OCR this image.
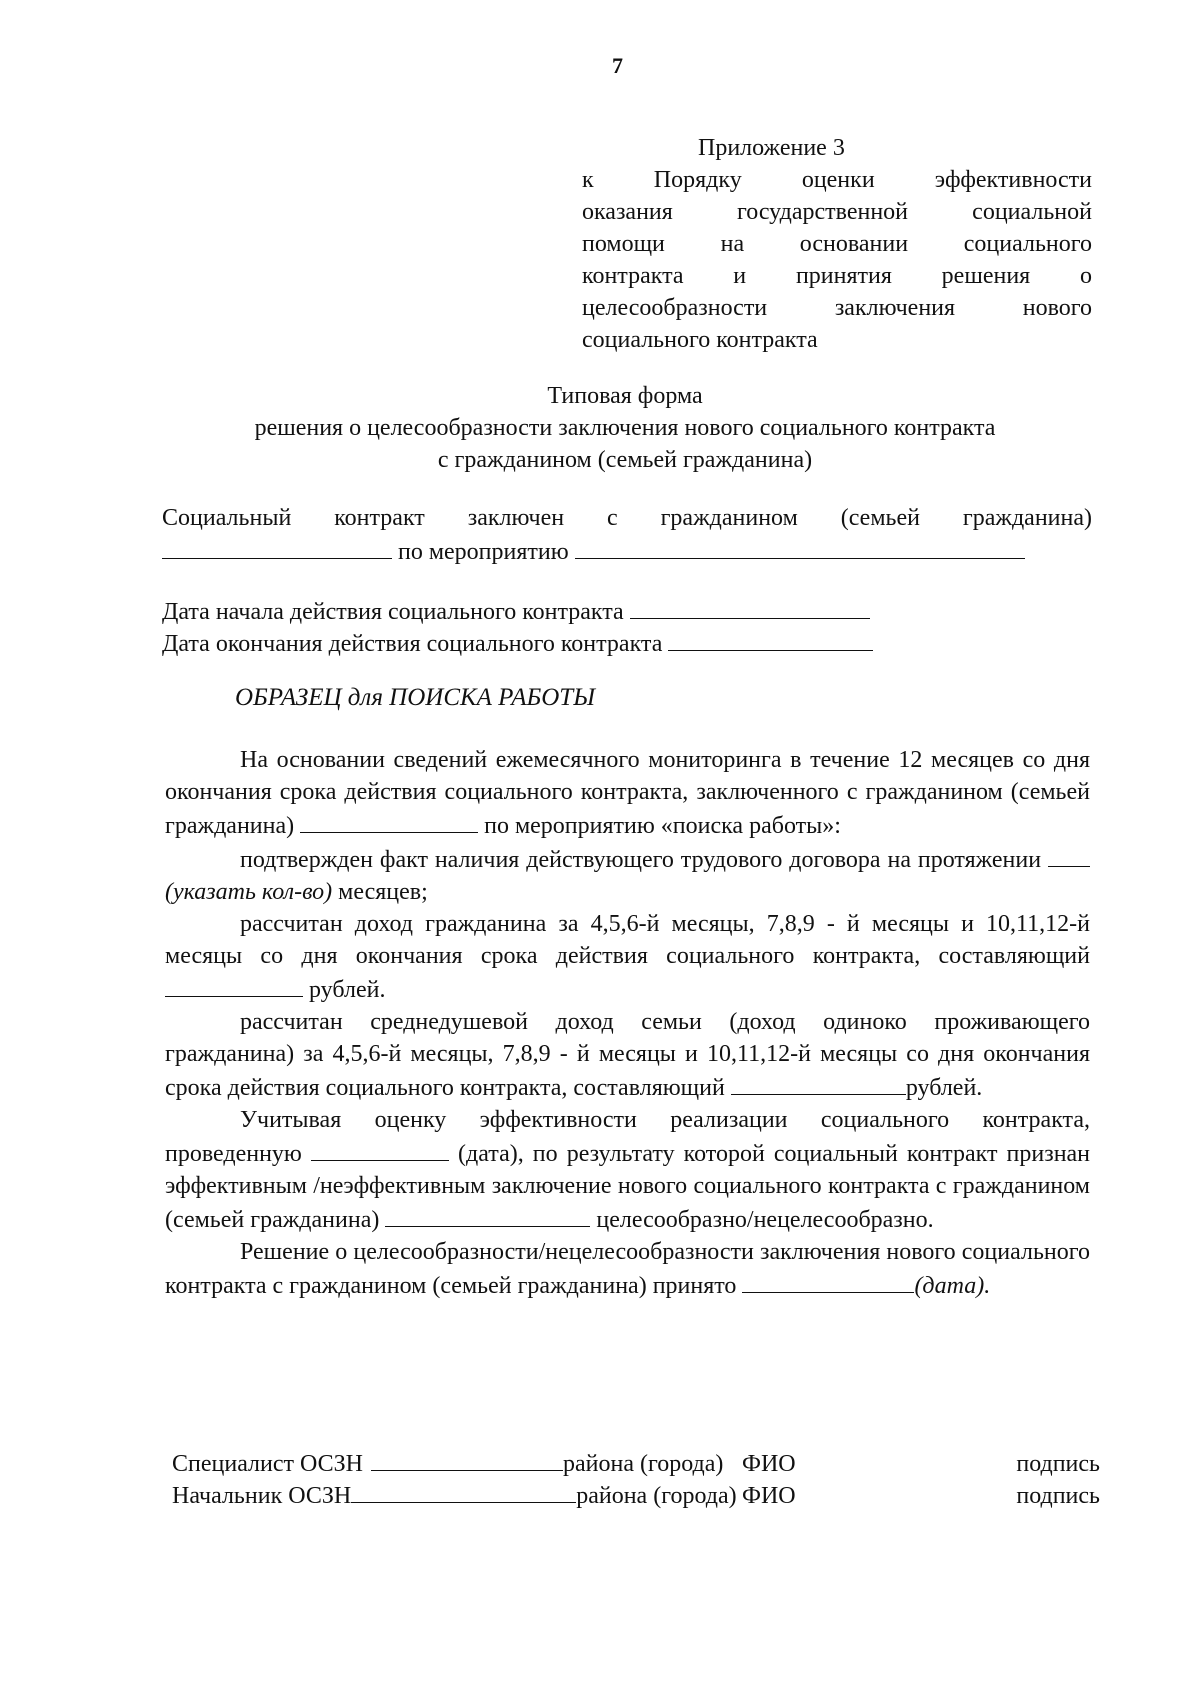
7
Приложение 3
к Порядку оценки эффективности
оказания государственной социальной
помощи на основании социального
контракта и принятия решения о
целесообразности заключения нового
социального контракта
Типовая форма
решения о целесообразности заключения нового социального контракта
с гражданином (семьей гражданина)
Социальный контракт заключен с гражданином (семьей гражданина)
по мероприятию
Дата начала действия социального контракта
Дата окончания действия социального контракта
ОБРАЗЕЦ для ПОИСКА РАБОТЫ

На основании сведений ежемесячного мониторинга в течение 12 месяцев со дня окончания срока действия социального контракта, заключенного с гражданином (семьей гражданина)	по мероприятию «поиска работы»:

подтвержден факт наличия действующего трудового договора на протяжении  (указать кол-во) месяцев;

рассчитан доход гражданина за 4,5,6-й месяцы, 7,8,9 - й месяцы и 10,11,12-й месяцы со дня окончания срока действия социального контракта, составляющий  рублей.

рассчитан среднедушевой доход семьи (доход одиноко проживающего гражданина) за 4,5,6-й месяцы, 7,8,9 - й месяцы и 10,11,12-й месяцы со дня окончания срока действия социального контракта, составляющий	рублей.

Учитывая оценку эффективности реализации социального контракта, проведенную	(дата), по результату которой социальный контракт признан эффективным /неэффективным заключение нового социального контракта с гражданином (семьей гражданина)	целесообразно/нецелесообразно.

Решение о целесообразности/нецелесообразности заключения нового социального контракта с гражданином (семьей гражданина) принято	(дата).

Специалист ОСЗН	района (города) ФИО	подпись
Начальник ОСЗН	района (города) ФИО	подпись
